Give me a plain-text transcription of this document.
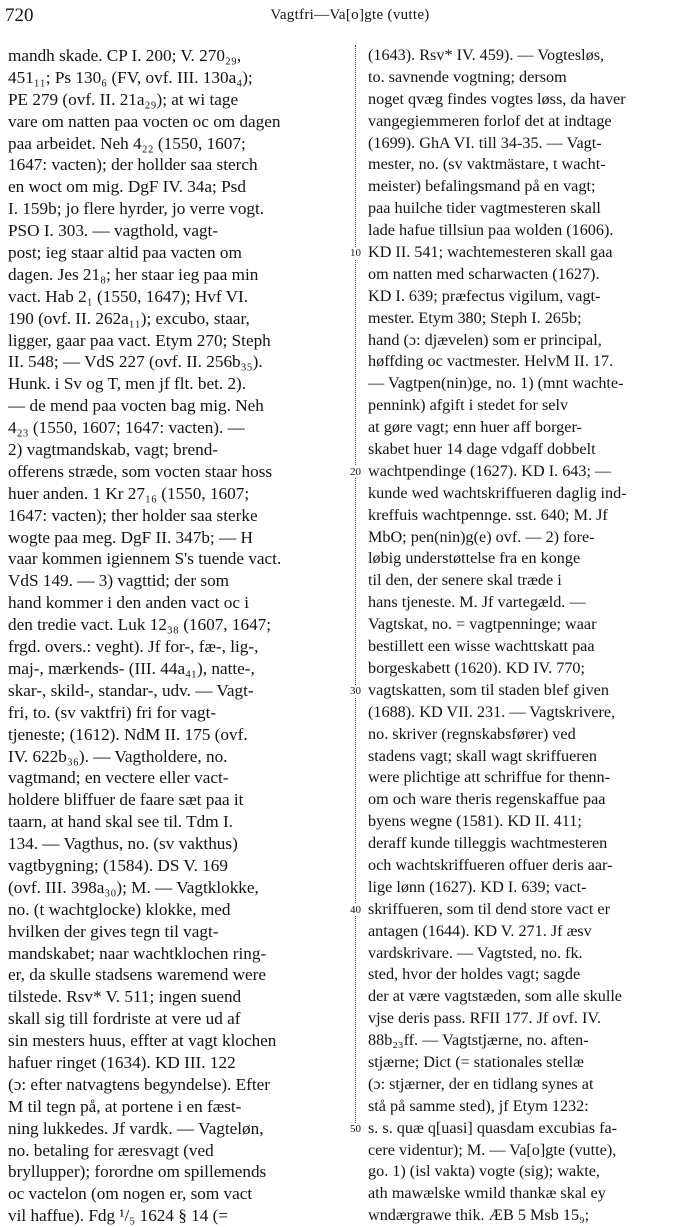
720	Vagtfri—Va[o]gte (vutte)
mandh skade. CP I. 200; V. 270₂₉,
451₁₁; Ps 130₆ (FV, ovf. III. 130a₄);
PE 279 (ovf. II. 21a₂₉); at wi tage
vare om natten paa vocten oc om dagen
paa arbeidet. Neh 4₂₂ (1550, 1607;
1647: vacten); der hollder saa sterch
en woct om mig. DgF IV. 34a; Psd
I. 159b; jo flere hyrder, jo verre vogt.
PSO I. 303. — vagthold, vagt-
post; ieg staar altid paa vacten om
dagen. Jes 21₈; her staar ieg paa min
vact. Hab 2₁ (1550, 1647); Hvf VI.
190 (ovf. II. 262a₁₁); excubo, staar,
ligger, gaar paa vact. Etym 270; Steph
II. 548; — VdS 227 (ovf. II. 256b₃₅).
Hunk. i Sv og T, men jf flt. bet. 2).
— de mend paa vocten bag mig. Neh
4₂₃ (1550, 1607; 1647: vacten). —
2) vagtmandskab, vagt; brend-
offerens stræde, som vocten staar hoss
huer anden. 1 Kr 27₁₆ (1550, 1607;
1647: vacten); ther holder saa sterke
wogte paa meg. DgF II. 347b; — H
vaar kommen igiennem S's tuende vact.
VdS 149. — 3) vagttid; der som
hand kommer i den anden vact oc i
den tredie vact. Luk 12₃₈ (1607, 1647;
frgd. overs.: veght). Jf for-, fæ-, lig-,
maj-, mærkends- (III. 44a₄₁), natte-,
skar-, skild-, standar-, udv. — Vagt-
fri, to. (sv vaktfri) fri for vagt-
tjeneste; (1612). NdM II. 175 (ovf.
IV. 622b₃₆). — Vagtholdere, no.
vagtmand; en vectere eller vact-
holdere bliffuer de faare sæt paa it
taarn, at hand skal see til. Tdm I.
134. — Vagthus, no. (sv vakthus)
vagtbygning; (1584). DS V. 169
(ovf. III. 398a₃₀); M. — Vagtklokke,
no. (t wachtglocke) klokke, med
hvilken der gives tegn til vagt-
mandskabet; naar wachtklochen ring-
er, da skulle stadsens waremend were
tilstede. Rsv* V. 511; ingen suend
skall sig till fordriste at vere ud af
sin mesters huus, effter at vagt klochen
hafuer ringet (1634). KD III. 122
(ɔ: efter natvagtens begyndelse). Efter
M til tegn på, at portene i en fæst-
ning lukkedes. Jf vardk. — Vagteløn,
no. betaling for æresvagt (ved
bryllupper); forordne om spillemends
oc vactelon (om nogen er, som vact
vil haffue). Fdg ¹/₅ 1624 § 14 (=
(1643). Rsv* IV. 459). — Vogtesløs,
to. savnende vogtning; dersom
noget qvæg findes vogtes løss, da haver
vangegiemmeren forlof det at indtage
(1699). GhA VI. till 34-35. — Vagt-
mester, no. (sv vaktmästare, t wacht-
meister) befalingsmand på en vagt;
paa huilche tider vagtmesteren skall
lade hafue tillsiun paa wolden (1606).
KD II. 541; wachtemesteren skall gaa
om natten med scharwacten (1627).
KD I. 639; præfectus vigilum, vagt-
mester. Etym 380; Steph I. 265b;
hand (ɔ: djævelen) som er principal,
høffding oc vactmester. HelvM II. 17.
— Vagtpen(nin)ge, no. 1) (mnt wachte-
pennink) afgift i stedet for selv
at gøre vagt; enn huer aff borger-
skabet huer 14 dage vdgaff dobbelt
wachtpendinge (1627). KD I. 643; —
kunde wed wachtskriffueren daglig ind-
kreffuis wachtpennge. sst. 640; M. Jf
MbO; pen(nin)g(e) ovf. — 2) fore-
løbig understøttelse fra en konge
til den, der senere skal træde i
hans tjeneste. M. Jf vartegæld. —
Vagtskat, no. = vagtpenninge; waar
bestillett een wisse wachttskatt paa
borgeskabett (1620). KD IV. 770;
vagtskatten, som til staden blef given
(1688). KD VII. 231. — Vagtskrivere,
no. skriver (regnskabsfører) ved
stadens vagt; skall wagt skriffueren
were plichtige att schriffue for thenn-
om och ware theris regenskaffue paa
byens wegne (1581). KD II. 411;
deraff kunde tilleggis wachtmesteren
och wachtskriffueren offuer deris aar-
lige lønn (1627). KD I. 639; vact-
skriffueren, som til dend store vact er
antagen (1644). KD V. 271. Jf æsv
vardskrivare. — Vagtsted, no. fk.
sted, hvor der holdes vagt; sagde
der at være vagtstæden, som alle skulle
vjse deris pass. RFII 177. Jf ovf. IV.
88b₂₃ff. — Vagtstjærne, no. aften-
stjærne; Dict (= stationales stellæ
(ɔ: stjærner, der en tidlang synes at
stå på samme sted), jf Etym 1232:
s. s. quæ q[uasi] quasdam excubias fa-
cere videntur); M. — Va[o]gte (vutte),
go. 1) (isl vakta) vogte (sig); wakte,
ath mawælske wmild thankæ skal ey
wndærgrawe thik. ÆB 5 Msb 15₉;
10
20
30
40
50
